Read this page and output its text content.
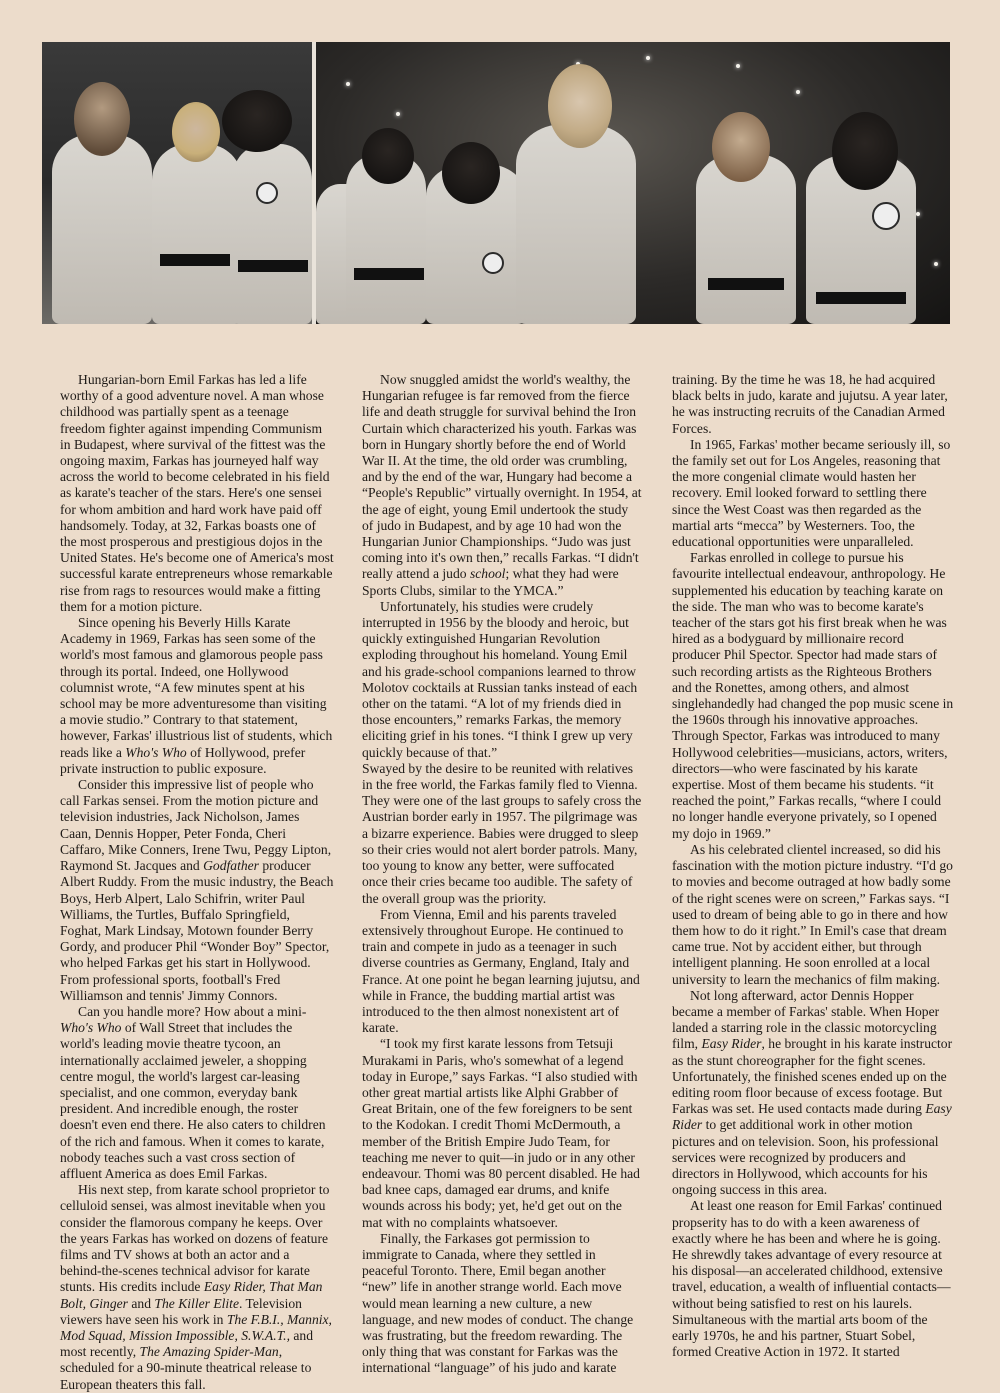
Hungarian-born Emil Farkas has led a life worthy of a good adventure novel. A man whose childhood was partially spent as a teenage freedom fighter against impending Communism in Budapest, where survival of the fittest was the ongoing maxim, Farkas has journeyed half way across the world to become celebrated in his field as karate's teacher of the stars. Here's one sensei for whom ambition and hard work have paid off handsomely. Today, at 32, Farkas boasts one of the most prosperous and prestigious dojos in the United States. He's become one of America's most successful karate entrepreneurs whose remarkable rise from rags to resources would make a fitting them for a motion picture.

Since opening his Beverly Hills Karate Academy in 1969, Farkas has seen some of the world's most famous and glamorous people pass through its portal. Indeed, one Hollywood columnist wrote, “A few minutes spent at his school may be more adventuresome than visiting a movie studio.” Contrary to that statement, however, Farkas' illustrious list of students, which reads like a Who's Who of Hollywood, prefer private instruction to public exposure.

Consider this impressive list of people who call Farkas sensei. From the motion picture and television industries, Jack Nicholson, James Caan, Dennis Hopper, Peter Fonda, Cheri Caffaro, Mike Conners, Irene Twu, Peggy Lipton, Raymond St. Jacques and Godfather producer Albert Ruddy. From the music industry, the Beach Boys, Herb Alpert, Lalo Schifrin, writer Paul Williams, the Turtles, Buffalo Springfield, Foghat, Mark Lindsay, Motown founder Berry Gordy, and producer Phil “Wonder Boy” Spector, who helped Farkas get his start in Hollywood. From professional sports, football's Fred Williamson and tennis' Jimmy Connors.

Can you handle more? How about a mini-Who's Who of Wall Street that includes the world's leading movie theatre tycoon, an internationally acclaimed jeweler, a shopping centre mogul, the world's largest car-leasing specialist, and one common, everyday bank president. And incredible enough, the roster doesn't even end there. He also caters to children of the rich and famous. When it comes to karate, nobody teaches such a vast cross section of affluent America as does Emil Farkas.

His next step, from karate school proprietor to celluloid sensei, was almost inevitable when you consider the flamorous company he keeps. Over the years Farkas has worked on dozens of feature films and TV shows at both an actor and a behind-the-scenes technical advisor for karate stunts. His credits include Easy Rider, That Man Bolt, Ginger and The Killer Elite. Television viewers have seen his work in The F.B.I., Mannix, Mod Squad, Mission Impossible, S.W.A.T., and most recently, The Amazing Spider-Man, scheduled for a 90-minute theatrical release to European theaters this fall.

Now snuggled amidst the world's wealthy, the Hungarian refugee is far removed from the fierce life and death struggle for survival behind the Iron Curtain which characterized his youth. Farkas was born in Hungary shortly before the end of World War II. At the time, the old order was crumbling, and by the end of the war, Hungary had become a “People's Republic” virtually overnight. In 1954, at the age of eight, young Emil undertook the study of judo in Budapest, and by age 10 had won the Hungarian Junior Championships. “Judo was just coming into it's own then,” recalls Farkas. “I didn't really attend a judo school; what they had were Sports Clubs, similar to the YMCA.”

Unfortunately, his studies were crudely interrupted in 1956 by the bloody and heroic, but quickly extinguished Hungarian Revolution exploding throughout his homeland. Young Emil and his grade-school companions learned to throw Molotov cocktails at Russian tanks instead of each other on the tatami. “A lot of my friends died in those encounters,” remarks Farkas, the memory eliciting grief in his tones. “I think I grew up very quickly because of that.”

Swayed by the desire to be reunited with relatives in the free world, the Farkas family fled to Vienna. They were one of the last groups to safely cross the Austrian border early in 1957. The pilgrimage was a bizarre experience. Babies were drugged to sleep so their cries would not alert border patrols. Many, too young to know any better, were suffocated once their cries became too audible. The safety of the overall group was the priority.

From Vienna, Emil and his parents traveled extensively throughout Europe. He continued to train and compete in judo as a teenager in such diverse countries as Germany, England, Italy and France. At one point he began learning jujutsu, and while in France, the budding martial artist was introduced to the then almost nonexistent art of karate.

“I took my first karate lessons from Tetsuji Murakami in Paris, who's somewhat of a legend today in Europe,” says Farkas. “I also studied with other great martial artists like Alphi Grabber of Great Britain, one of the few foreigners to be sent to the Kodokan. I credit Thomi McDermouth, a member of the British Empire Judo Team, for teaching me never to quit—in judo or in any other endeavour. Thomi was 80 percent disabled. He had bad knee caps, damaged ear drums, and knife wounds across his body; yet, he'd get out on the mat with no complaints whatsoever.

Finally, the Farkases got permission to immigrate to Canada, where they settled in peaceful Toronto. There, Emil began another “new” life in another strange world. Each move would mean learning a new culture, a new language, and new modes of conduct. The change was frustrating, but the freedom rewarding. The only thing that was constant for Farkas was the international “language” of his judo and karate

training. By the time he was 18, he had acquired black belts in judo, karate and jujutsu. A year later, he was instructing recruits of the Canadian Armed Forces.

In 1965, Farkas' mother became seriously ill, so the family set out for Los Angeles, reasoning that the more congenial climate would hasten her recovery. Emil looked forward to settling there since the West Coast was then regarded as the martial arts “mecca” by Westerners. Too, the educational opportunities were unparalleled.

Farkas enrolled in college to pursue his favourite intellectual endeavour, anthropology. He supplemented his education by teaching karate on the side. The man who was to become karate's teacher of the stars got his first break when he was hired as a bodyguard by millionaire record producer Phil Spector. Spector had made stars of such recording artists as the Righteous Brothers and the Ronettes, among others, and almost singlehandedly had changed the pop music scene in the 1960s through his innovative approaches. Through Spector, Farkas was introduced to many Hollywood celebrities—musicians, actors, writers, directors—who were fascinated by his karate expertise. Most of them became his students. “it reached the point,” Farkas recalls, “where I could no longer handle everyone privately, so I opened my dojo in 1969.”

As his celebrated clientel increased, so did his fascination with the motion picture industry. “I'd go to movies and become outraged at how badly some of the right scenes were on screen,” Farkas says. “I used to dream of being able to go in there and how them how to do it right.” In Emil's case that dream came true. Not by accident either, but through intelligent planning. He soon enrolled at a local university to learn the mechanics of film making.

Not long afterward, actor Dennis Hopper became a member of Farkas' stable. When Hoper landed a starring role in the classic motorcycling film, Easy Rider, he brought in his karate instructor as the stunt choreographer for the fight scenes. Unfortunately, the finished scenes ended up on the editing room floor because of excess footage. But Farkas was set. He used contacts made during Easy Rider to get additional work in other motion pictures and on television. Soon, his professional services were recognized by producers and directors in Hollywood, which accounts for his ongoing success in this area.

At least one reason for Emil Farkas' continued propserity has to do with a keen awareness of exactly where he has been and where he is going. He shrewdly takes advantage of every resource at his disposal—an accelerated childhood, extensive travel, education, a wealth of influential contacts—without being satisfied to rest on his laurels. Simultaneous with the martial arts boom of the early 1970s, he and his partner, Stuart Sobel, formed Creative Action in 1972. It started
